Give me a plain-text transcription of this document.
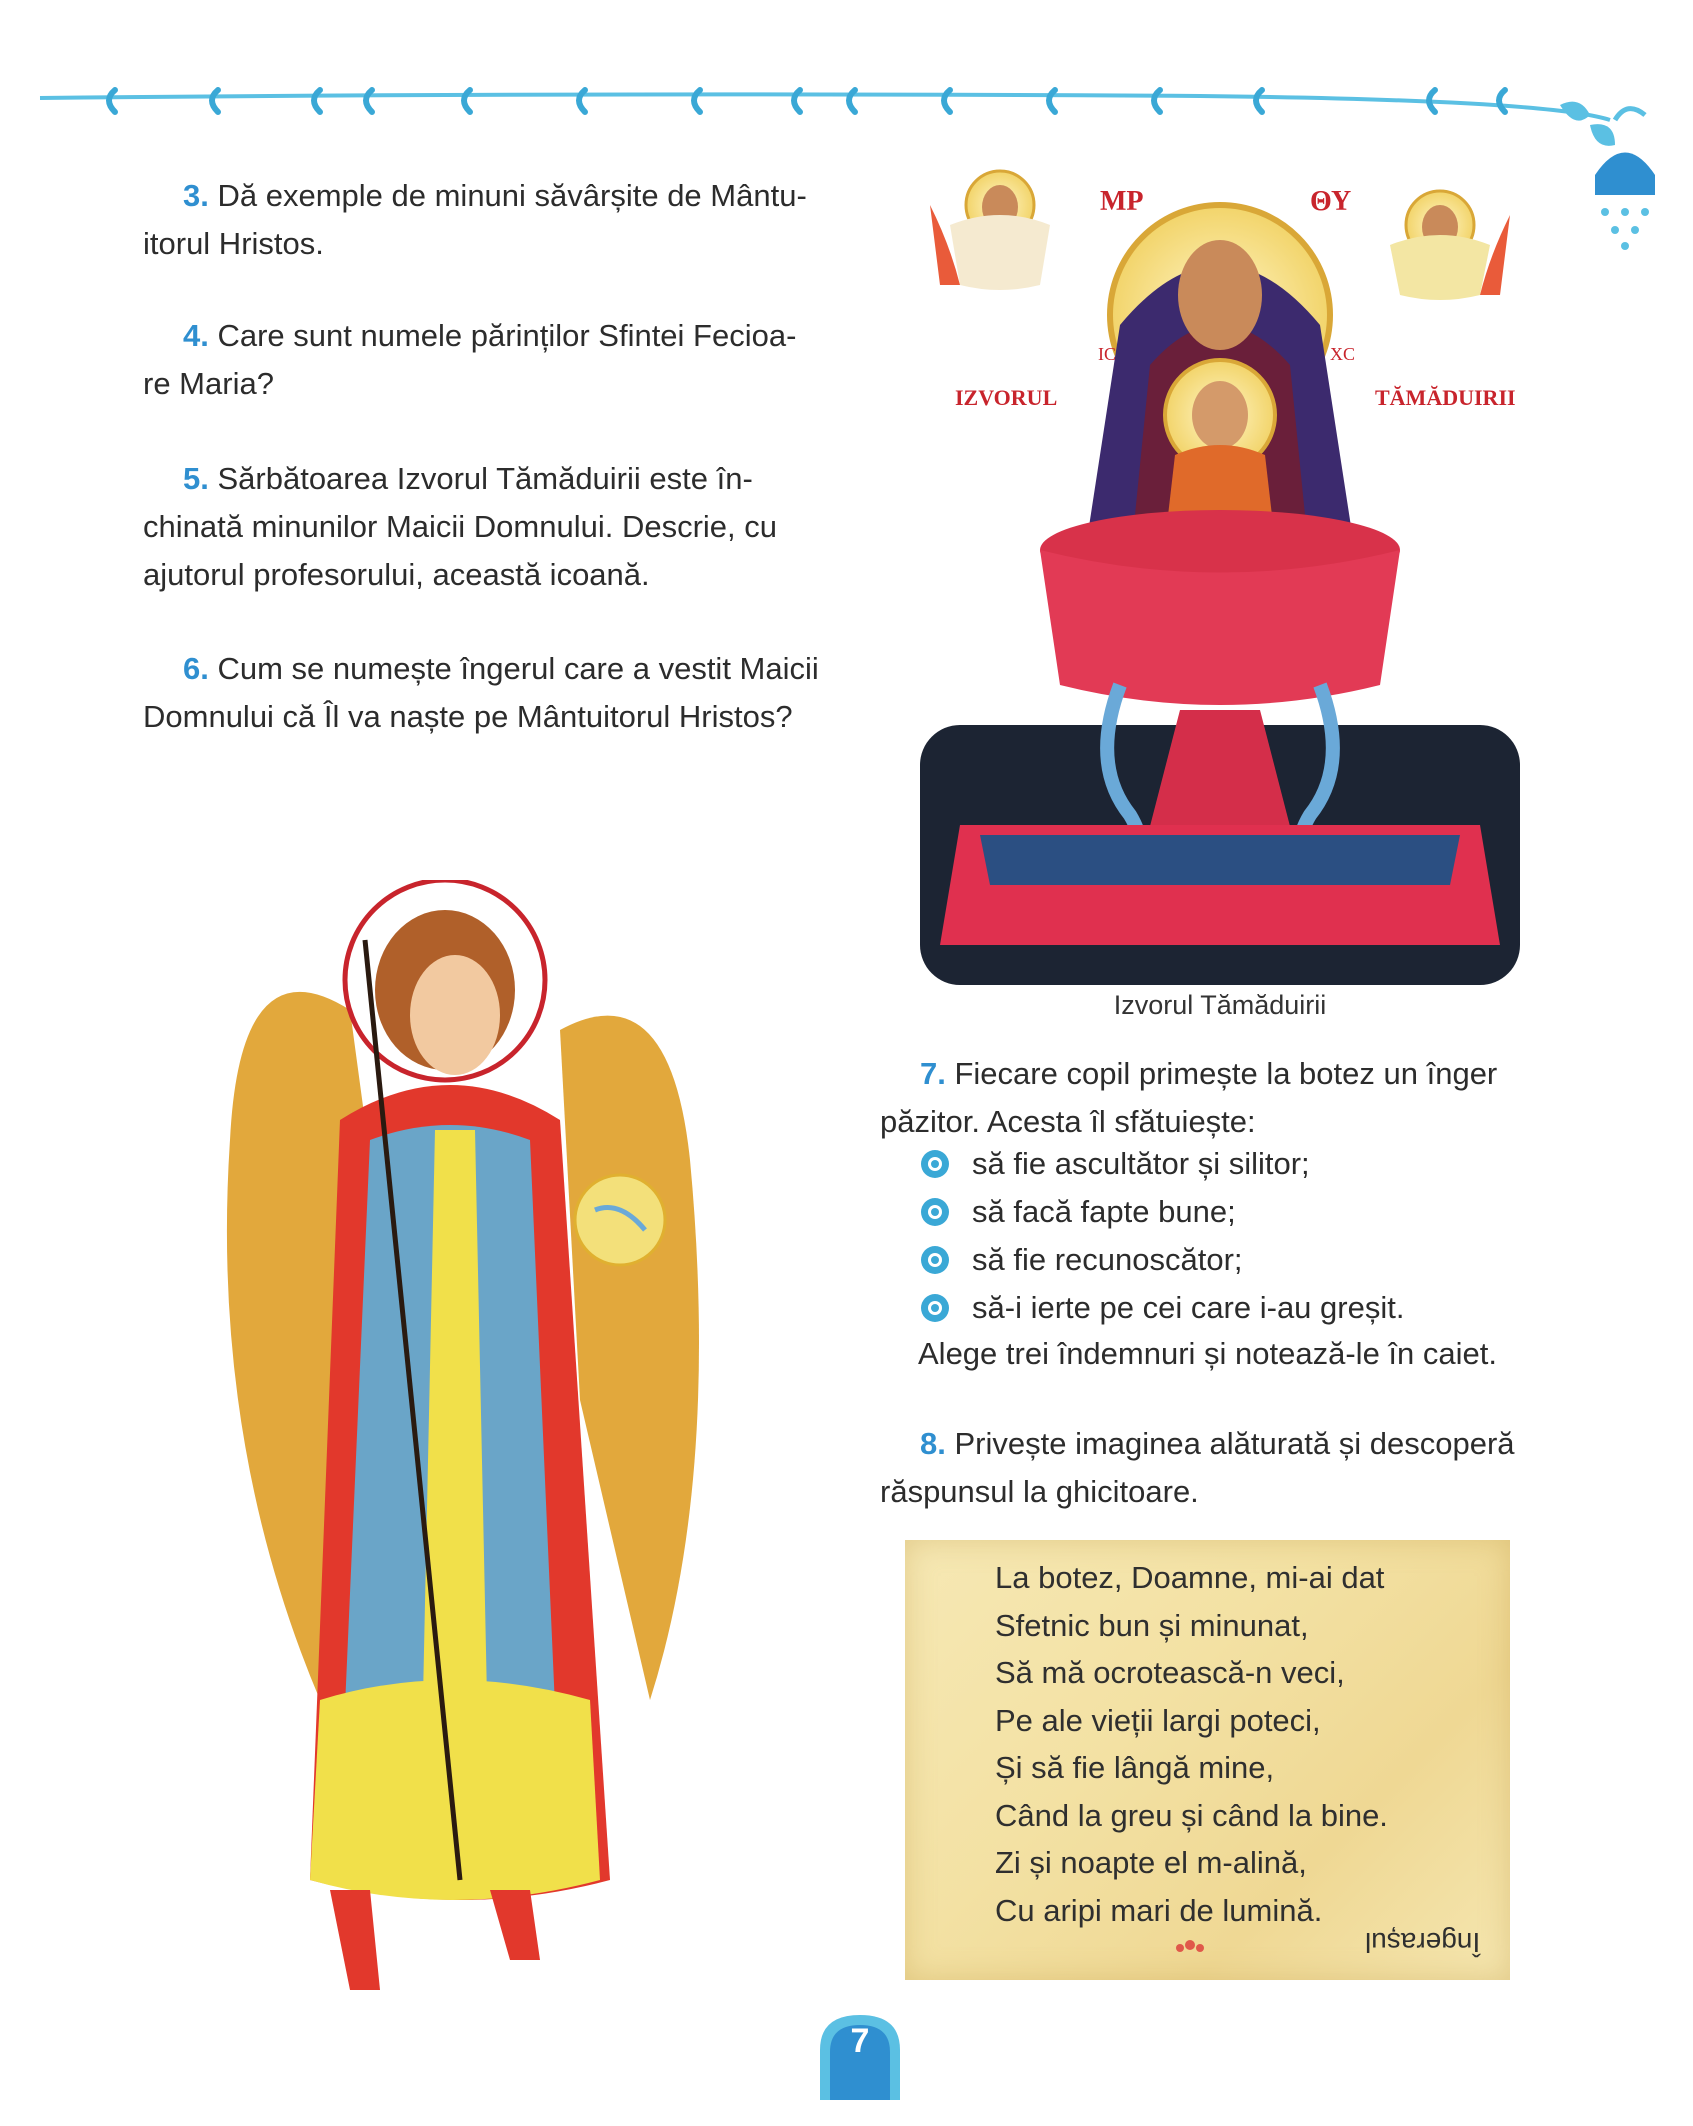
3. Dă exemple de minuni săvârșite de Mântu-
itorul Hristos.
4. Care sunt numele părinților Sfintei Fecioa-
re Maria?
5. Sărbătoarea Izvorul Tămăduirii este în-
chinată minunilor Maicii Domnului. Descrie, cu
ajutorul profesorului, această icoană.
6. Cum se numește îngerul care a vestit Maicii
Domnului că Îl va naște pe Mântuitorul Hristos?
ΜΡ	ΘΥ
IC	XC
IZVORUL	TĂMĂDUIRII
Izvorul Tămăduirii
7. Fiecare copil primește la botez un înger
păzitor. Acesta îl sfătuiește:
să fie ascultător și silitor;
să facă fapte bune;
să fie recunoscător;
să-i ierte pe cei care i-au greșit.
Alege trei îndemnuri și notează-le în caiet.
8. Privește imaginea alăturată și descoperă
răspunsul la ghicitoare.
La botez, Doamne, mi-ai dat
Sfetnic bun și minunat,
Să mă ocrotească-n veci,
Pe ale vieții largi poteci,
Și să fie lângă mine,
Când la greu și când la bine.
Zi și noapte el m-alină,
Cu aripi mari de lumină.
Îngerașul
7
